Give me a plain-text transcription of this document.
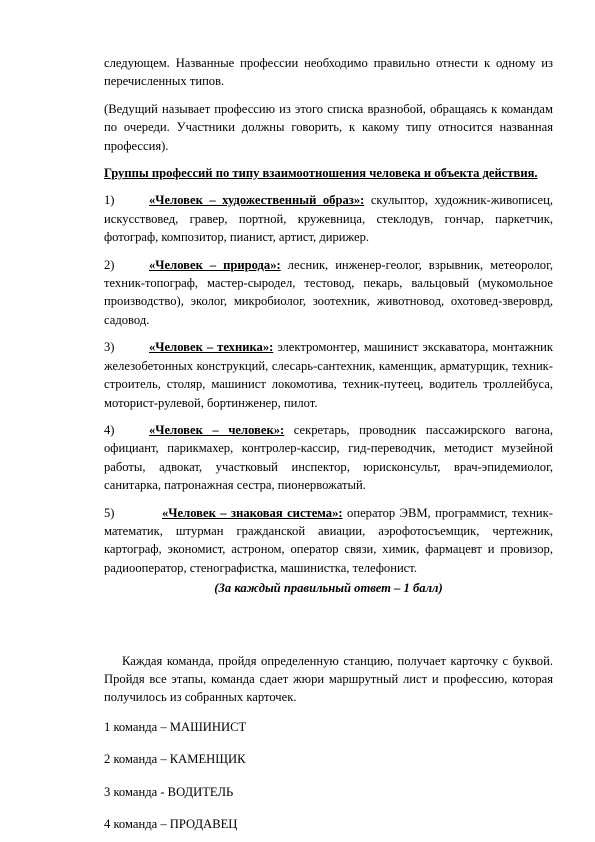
следующем. Названные профессии необходимо правильно отнести к одному из перечисленных типов.

(Ведущий называет профессию из этого списка вразнобой, обращаясь к командам по очереди. Участники должны говорить, к какому типу относится названная профессия).

Группы профессий по типу взаимоотношения человека и объекта действия.

1)	«Человек – художественный образ»: скульптор, художник-живописец, искусствовед, гравер, портной, кружевница, стеклодув, гончар, паркетчик, фотограф, композитор, пианист, артист, дирижер.

2)	«Человек – природа»: лесник, инженер-геолог, взрывник, метеоролог, техник-топограф, мастер-сыродел, тестовод, пекарь, вальцовый (мукомольное производство), эколог, микробиолог, зоотехник, животновод, охотовед-звероврд, садовод.

3)	«Человек – техника»: электромонтер, машинист экскаватора, монтажник железобетонных конструкций, слесарь-сантехник, каменщик, арматурщик, техник-строитель, столяр, машинист локомотива, техник-путеец, водитель троллейбуса, моторист-рулевой, бортинженер, пилот.

4)	«Человек – человек»: секретарь, проводник пассажирского вагона, официант, парикмахер, контролер-кассир, гид-переводчик, методист музейной работы, адвокат, участковый инспектор, юрисконсульт, врач-эпидемиолог, санитарка, патронажная сестра, пионервожатый.

5)	«Человек – знаковая система»: оператор ЭВМ, программист, техник-математик, штурман гражданской авиации, аэрофотосъемщик, чертежник, картограф, экономист, астроном, оператор связи, химик, фармацевт и провизор, радиооператор, стенографистка, машинистка, телефонист.

(За каждый правильный ответ – 1 балл)

Каждая команда, пройдя определенную станцию, получает карточку с буквой. Пройдя все этапы, команда сдает жюри маршрутный лист и профессию, которая получилось из собранных карточек.

1 команда – МАШИНИСТ

2 команда – КАМЕНЩИК

3 команда - ВОДИТЕЛЬ

4 команда – ПРОДАВЕЦ
